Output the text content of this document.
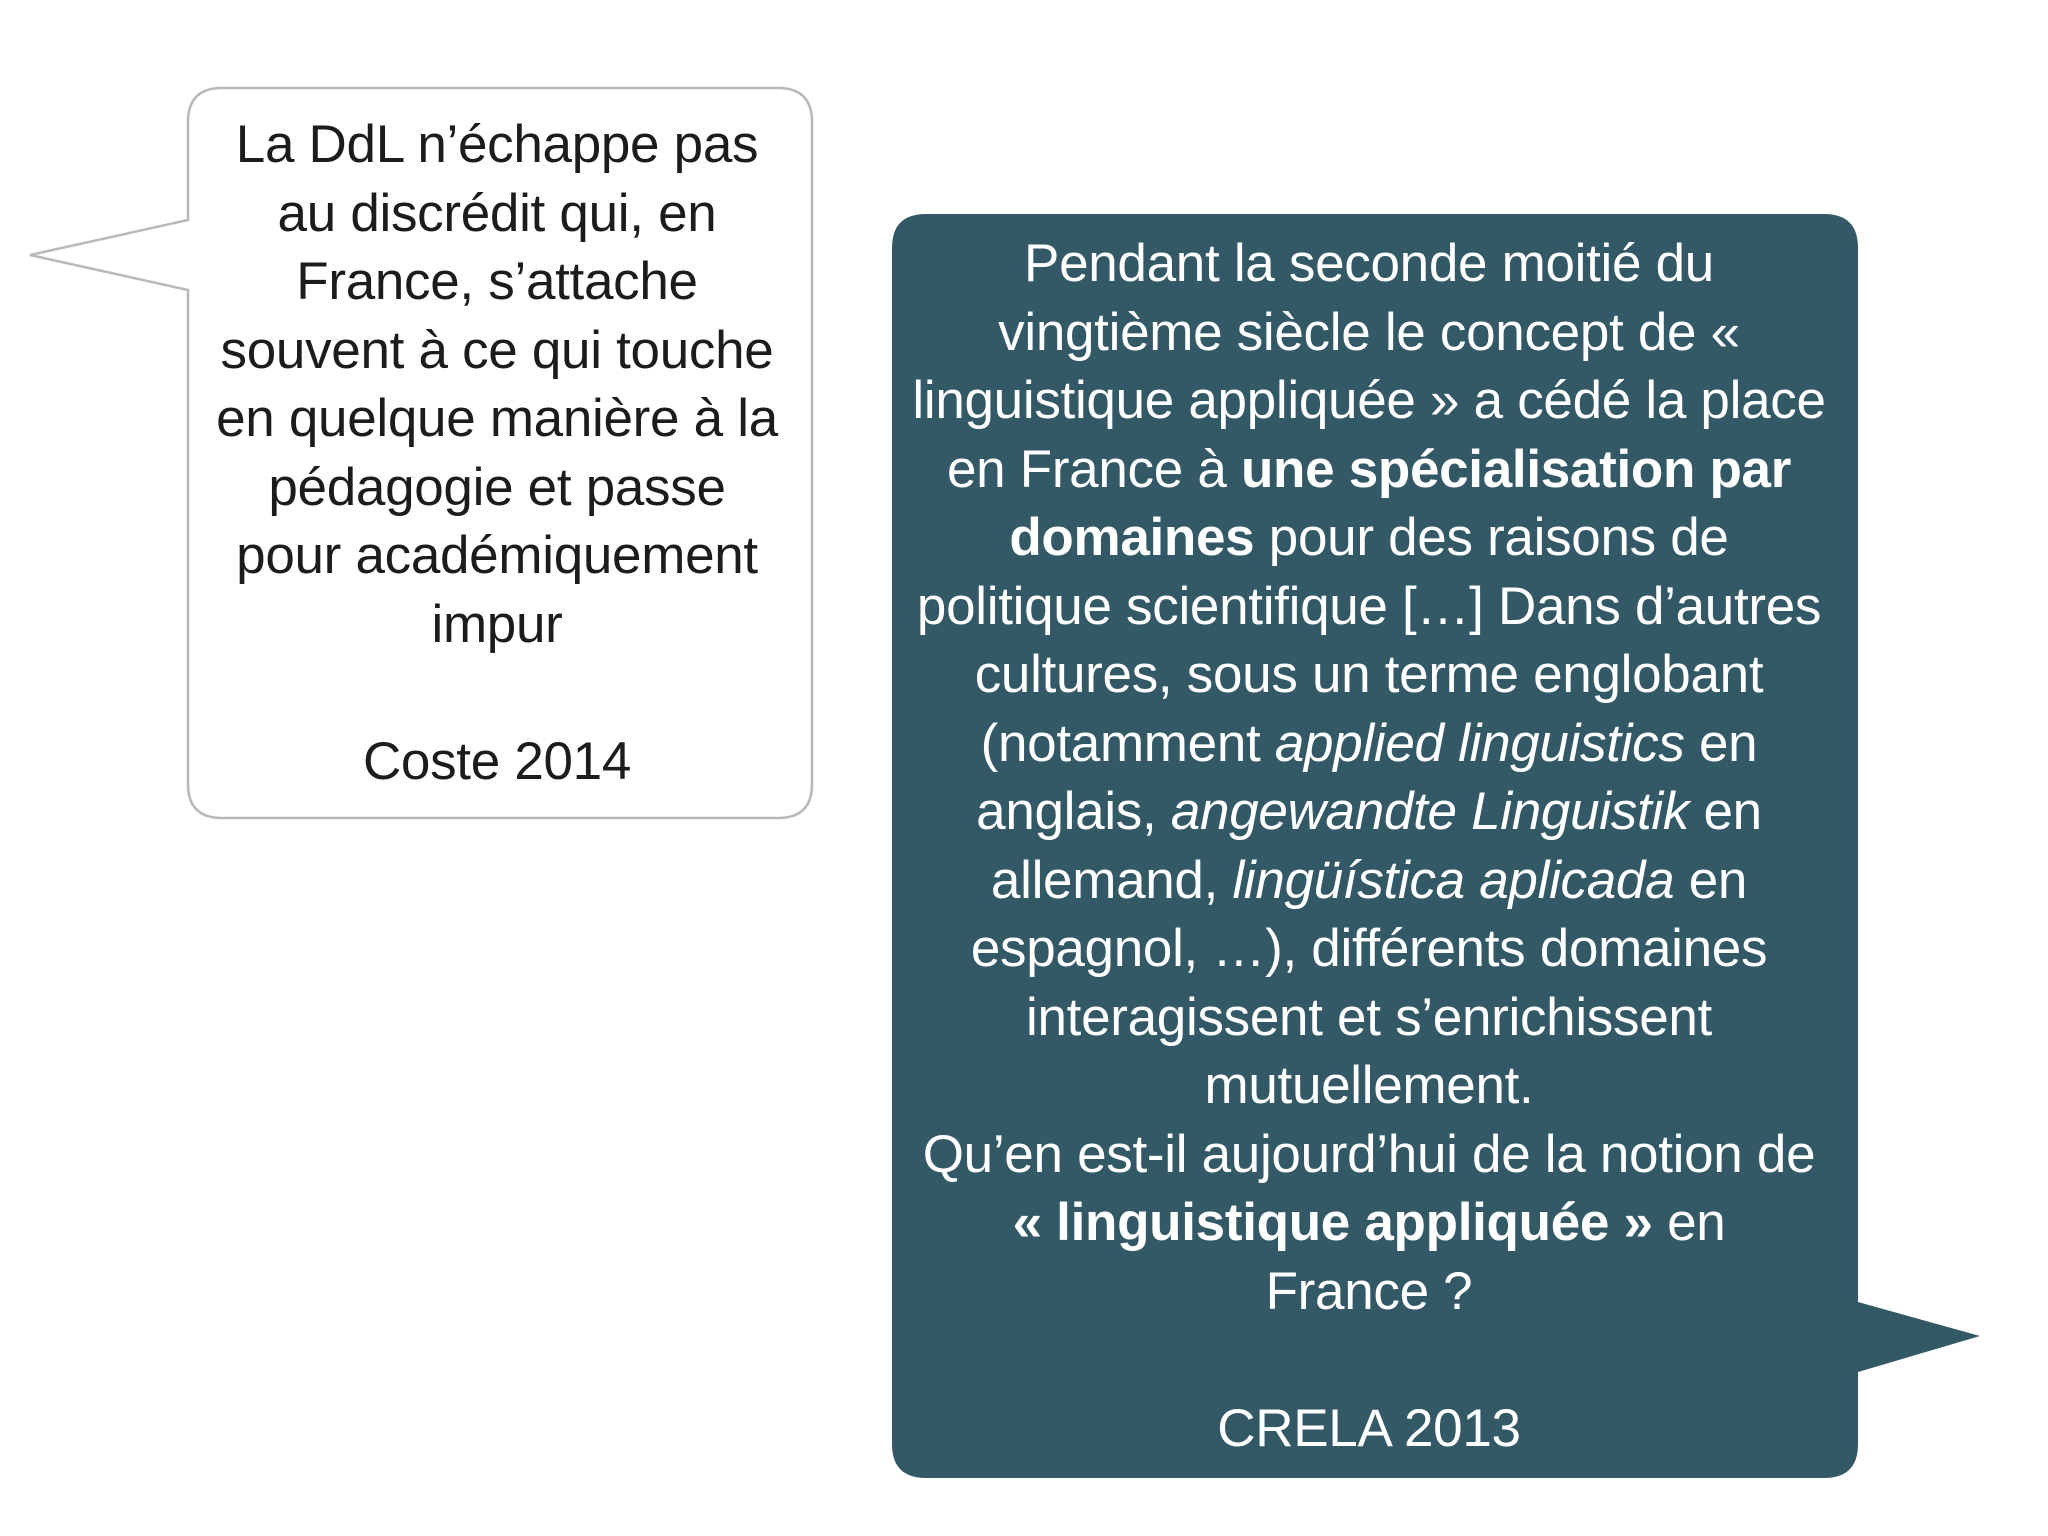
La DdL n’échappe pas

au discrédit qui, en

France, s’attache

souvent à ce qui touche

en quelque manière à la

pédagogie et passe

pour académiquement

impur

Coste 2014

Pendant la seconde moitié du

vingtième siècle le concept de «

linguistique appliquée » a cédé la place

en France à une spécialisation par

domaines pour des raisons de

politique scientifique […] Dans d’autres

cultures, sous un terme englobant

(notamment applied linguistics en

anglais, angewandte Linguistik en

allemand, lingüística aplicada en

espagnol, …), différents domaines

interagissent et s’enrichissent

mutuellement.

Qu’en est-il aujourd’hui de la notion de

« linguistique appliquée » en

France ?

CRELA 2013
